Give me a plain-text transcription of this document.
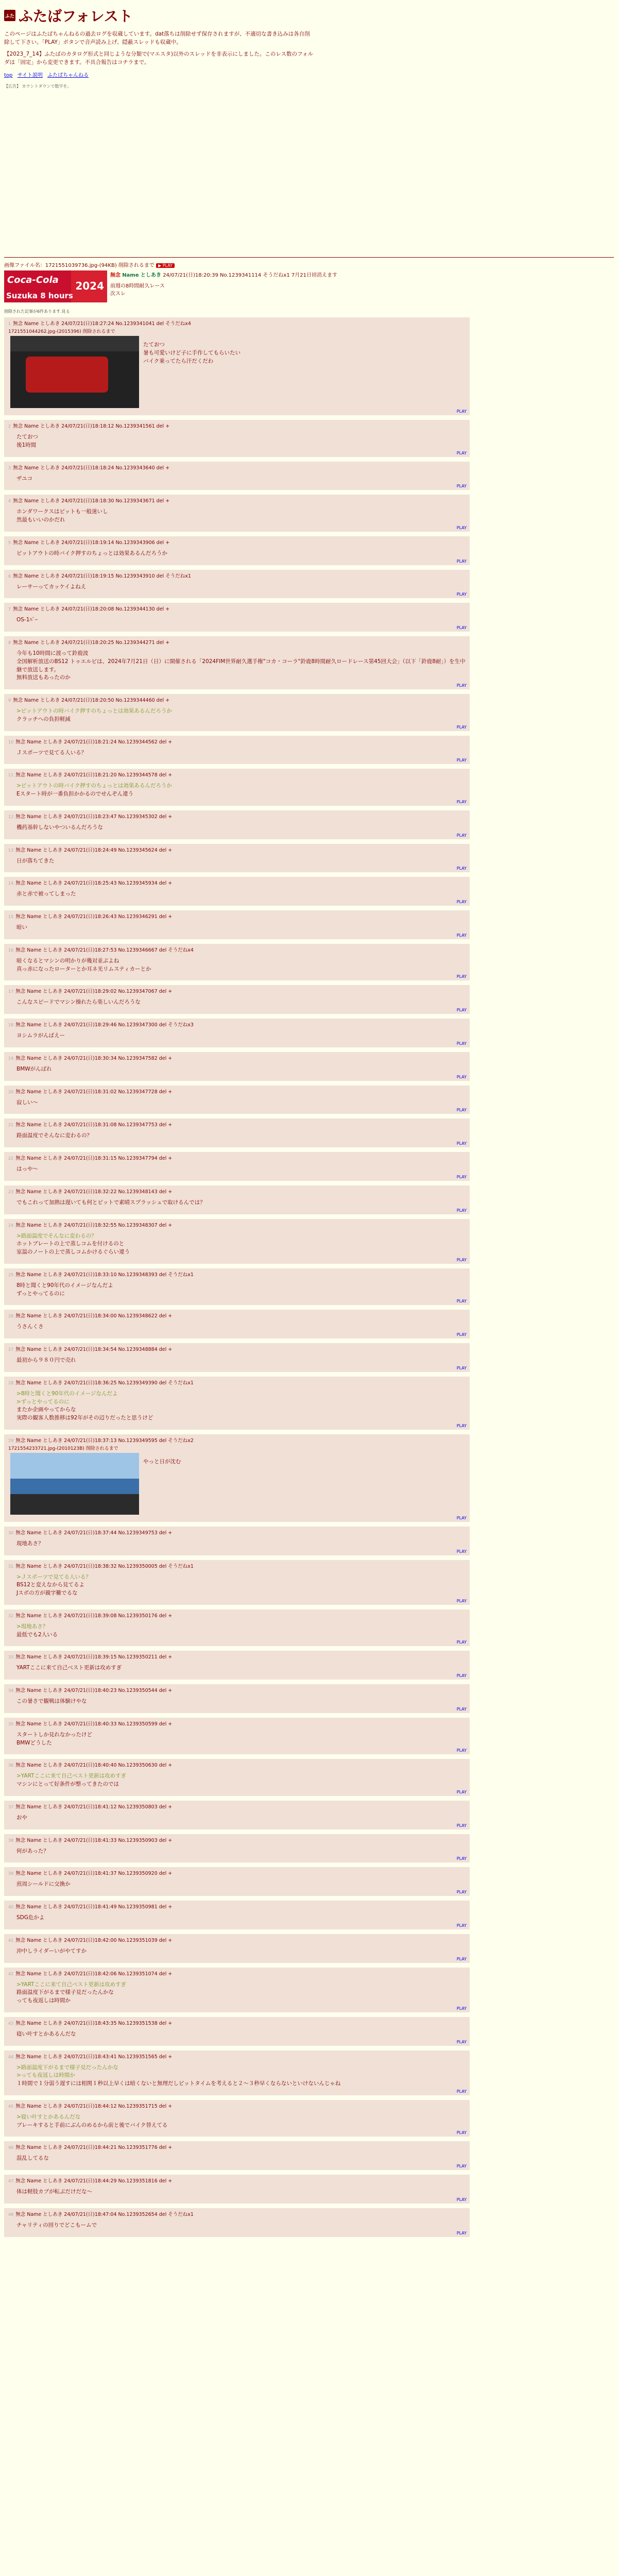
ふた ふたばフォレスト

このページはふたばちゃんねるの過去ログを収蔵しています。dat落ちは削除せず保存されますが、不適切な書き込みは各自削除して下さい。「PLAY」ボタンで音声読み上げ、隠蔽スレッドも収蔵中。

【2023_7_14】ふたばのカタログ形式と同じような分類で(マエスタ)以外のスレッドを非表示にしました。このレス数のフォルダは「固定」から変更できます。不具合報告はコチラまで。

top サイト説明 ふたばちゃんねる
【広告】 カウントダウンで数字を。
画像ファイル名：1721551039736.jpg-(94KB) 削除されるまで ▶ PLAY
Coca-Cola 2024
Suzuka 8 hours
無念 Name としあき 24/07/21(日)18:20:39 No.1239341114 そうだねx1 7月21日頃消えます
前週の8時間耐久レース
次スレ
削除された記事が6件あります.見る
1 無念 Name としあき 24/07/21(日)18:27:24 No.1239341041 del そうだねx4
1721551044262.jpg-(2015396) 削除されるまで
たておつ
暑も可愛いけど子に手作してもらいたい
バイク乗ってたら汗だくだわ
PLAY
2 無念 Name としあき 24/07/21(日)18:18:12 No.1239341561 del +
たておつ
後1時間
PLAY
3 無念 Name としあき 24/07/21(日)18:18:24 No.1239343640 del +
ザユコ
PLAY
4 無念 Name としあき 24/07/21(日)18:18:30 No.1239343671 del +
ホンダワークスはピットも一般迷いし
然最もいいのかだれ
PLAY
5 無念 Name としあき 24/07/21(日)18:19:14 No.1239343906 del +
ピットアウトの時バイク押すのちょっとは効果あるんだろうか
PLAY
6 無念 Name としあき 24/07/21(日)18:19:15 No.1239343910 del そうだねx1
レーサーってカッケイよねえ
PLAY
7 無念 Name としあき 24/07/21(日)18:20:08 No.1239344130 del +
OS-1ﾊﾞｰ
PLAY
8 無念 Name としあき 24/07/21(日)18:20:25 No.1239344271 del +
今年も10時間に渡って鈴鹿波
全国解析放送のBS12 トゥエルビは、2024年7月21日（日）に開催される「2024FIM世界耐久選手権"コカ・コーラ"鈴鹿8時間耐久ロードレース第45回大会」（以下「鈴鹿8耐」）を生中継で放送します。
無料放送もあったのか
PLAY
9 無念 Name としあき 24/07/21(日)18:20:50 No.1239344460 del +
>ピットアウトの時バイク押すのちょっとは効果あるんだろうか
クラッチへの負担軽減
PLAY
10 無念 Name としあき 24/07/21(日)18:21:24 No.1239344562 del +
Ｊスポーツで見てる人いる？
PLAY
11 無念 Name としあき 24/07/21(日)18:21:20 No.1239344578 del +
>ピットアウトの時バイク押すのちょっとは効果あるんだろうか
Eスタート時が一番負担かかるのでせんぞん違う
PLAY
12 無念 Name としあき 24/07/21(日)18:23:47 No.1239345302 del +
機药基幹しないやついるんだろうな
PLAY
13 無念 Name としあき 24/07/21(日)18:24:49 No.1239345624 del +
日が落ちてきた
PLAY
14 無念 Name としあき 24/07/21(日)18:25:43 No.1239345934 del +
赤と赤で被ってしまった
PLAY
15 無念 Name としあき 24/07/21(日)18:26:43 No.1239346291 del +
暗い
PLAY
16 無念 Name としあき 24/07/21(日)18:27:53 No.1239346667 del そうだねx4
暗くなるとマシンの明かりが幾対並ぶよね
真っ赤になったローターとか耳ネ光リムスティカーとか
PLAY
17 無念 Name としあき 24/07/21(日)18:29:02 No.1239347067 del +
こんなスピードでマシン操れたら楽しいんだろうな
PLAY
18 無念 Name としあき 24/07/21(日)18:29:46 No.1239347300 del そうだねx3
ヨシムラがんばえー
PLAY
19 無念 Name としあき 24/07/21(日)18:30:34 No.1239347582 del +
BMWがんばれ
PLAY
20 無念 Name としあき 24/07/21(日)18:31:02 No.1239347728 del +
寂しい〜
PLAY
21 無念 Name としあき 24/07/21(日)18:31:08 No.1239347753 del +
路面温度でそんなに変わるの？
PLAY
22 無念 Name としあき 24/07/21(日)18:31:15 No.1239347794 del +
はっや〜
PLAY
23 無念 Name としあき 24/07/21(日)18:32:22 No.1239348143 del +
でもこれって加熱は遅いても何とピットで素晴スプラッシュで取けるんでは？
PLAY
24 無念 Name としあき 24/07/21(日)18:32:55 No.1239348307 del +
>路面温度でそんなに変わるの？
ホットブレートの上で蒸しコムを付けるのと
室温のノートの上で蒸しコムかけるぐらい違う
PLAY
25 無念 Name としあき 24/07/21(日)18:33:10 No.1239348393 del そうだねx1
8時と聞くと90年代のイメージなんだよ
ずっとやってるのに
PLAY
26 無念 Name としあき 24/07/21(日)18:34:00 No.1239348622 del +
うさんくさ
PLAY
27 無念 Name としあき 24/07/21(日)18:34:54 No.1239348884 del +
最初から９８０円で売れ
PLAY
28 無念 Name としあき 24/07/21(日)18:36:25 No.1239349390 del そうだねx1
>8時と聞くと90年代のイメージなんだよ
>ずっとやってるのに
またか企画やってからな
実際の観客人数推移は92年がその辺りだったと思うけど
PLAY
29 無念 Name としあき 24/07/21(日)18:37:13 No.1239349595 del そうだねx2
1721554233721.jpg-(2010123B) 削除されるまで
やっと日が沈む
PLAY
30 無念 Name としあき 24/07/21(日)18:37:44 No.1239349753 del +
現地あさ？
PLAY
31 無念 Name としあき 24/07/21(日)18:38:32 No.1239350005 del そうだねx1
>Ｊスポーツで見てる人いる？
BS12と変えなから見てるよ
Jスポの方が親字難でるな
PLAY
32 無念 Name としあき 24/07/21(日)18:39:08 No.1239350176 del +
>現地あさ？
最低でも2人いる
PLAY
33 無念 Name としあき 24/07/21(日)18:39:15 No.1239350211 del +
YARTここに来て自己ベスト更新は攻めすぎ
PLAY
34 無念 Name としあき 24/07/21(日)18:40:23 No.1239350544 del +
この暑さで観戦は体験けやな
PLAY
35 無念 Name としあき 24/07/21(日)18:40:33 No.1239350599 del +
スタートしか見れなかったけど
BMWどうした
PLAY
36 無念 Name としあき 24/07/21(日)18:40:40 No.1239350630 del +
>YARTここに来て自己ベスト更新は攻めすぎ
マシンにとって好条件が整ってきたのでは
PLAY
37 無念 Name としあき 24/07/21(日)18:41:12 No.1239350803 del +
おや
PLAY
38 無念 Name としあき 24/07/21(日)18:41:33 No.1239350903 del +
何があった？
PLAY
39 無念 Name としあき 24/07/21(日)18:41:37 No.1239350920 del +
煎周シールドに交換か
PLAY
40 無念 Name としあき 24/07/21(日)18:41:49 No.1239350981 del +
SDG危かよ
PLAY
41 無念 Name としあき 24/07/21(日)18:42:00 No.1239351039 del +
沖中しライダーいがやてすか
PLAY
42 無念 Name としあき 24/07/21(日)18:42:06 No.1239351074 del +
>YARTここに来て自己ベスト更新は攻めすぎ
路面温度下がるまで様子見だったんかな
っても夜返しは時間か
PLAY
43 無念 Name としあき 24/07/21(日)18:43:35 No.1239351538 del +
寝い叶すとかあるんだな
PLAY
44 無念 Name としあき 24/07/21(日)18:43:41 No.1239351565 del +
>路面温度下がるまで様子見だったんかな
>っても夜返しは時間か
１時間で１分弱う遅すには相関１秒以上早くは暗くないと無理だしピットタイムを考えると２〜３秒早くならないといけないんじゃね
PLAY
45 無念 Name としあき 24/07/21(日)18:44:12 No.1239351715 del +
>寝い叶すとかあるんだな
ブレーキすると手前にぶんのめるから前と後でバイク替えてる
PLAY
46 無念 Name としあき 24/07/21(日)18:44:21 No.1239351776 del +
混乱してるな
PLAY
47 無念 Name としあき 24/07/21(日)18:44:29 No.1239351816 del +
体は軽肢カブが転ぶだけだな〜
PLAY
48 無念 Name としあき 24/07/21(日)18:47:04 No.1239352654 del そうだねx1
チャリティの回りでどこもームで
PLAY
